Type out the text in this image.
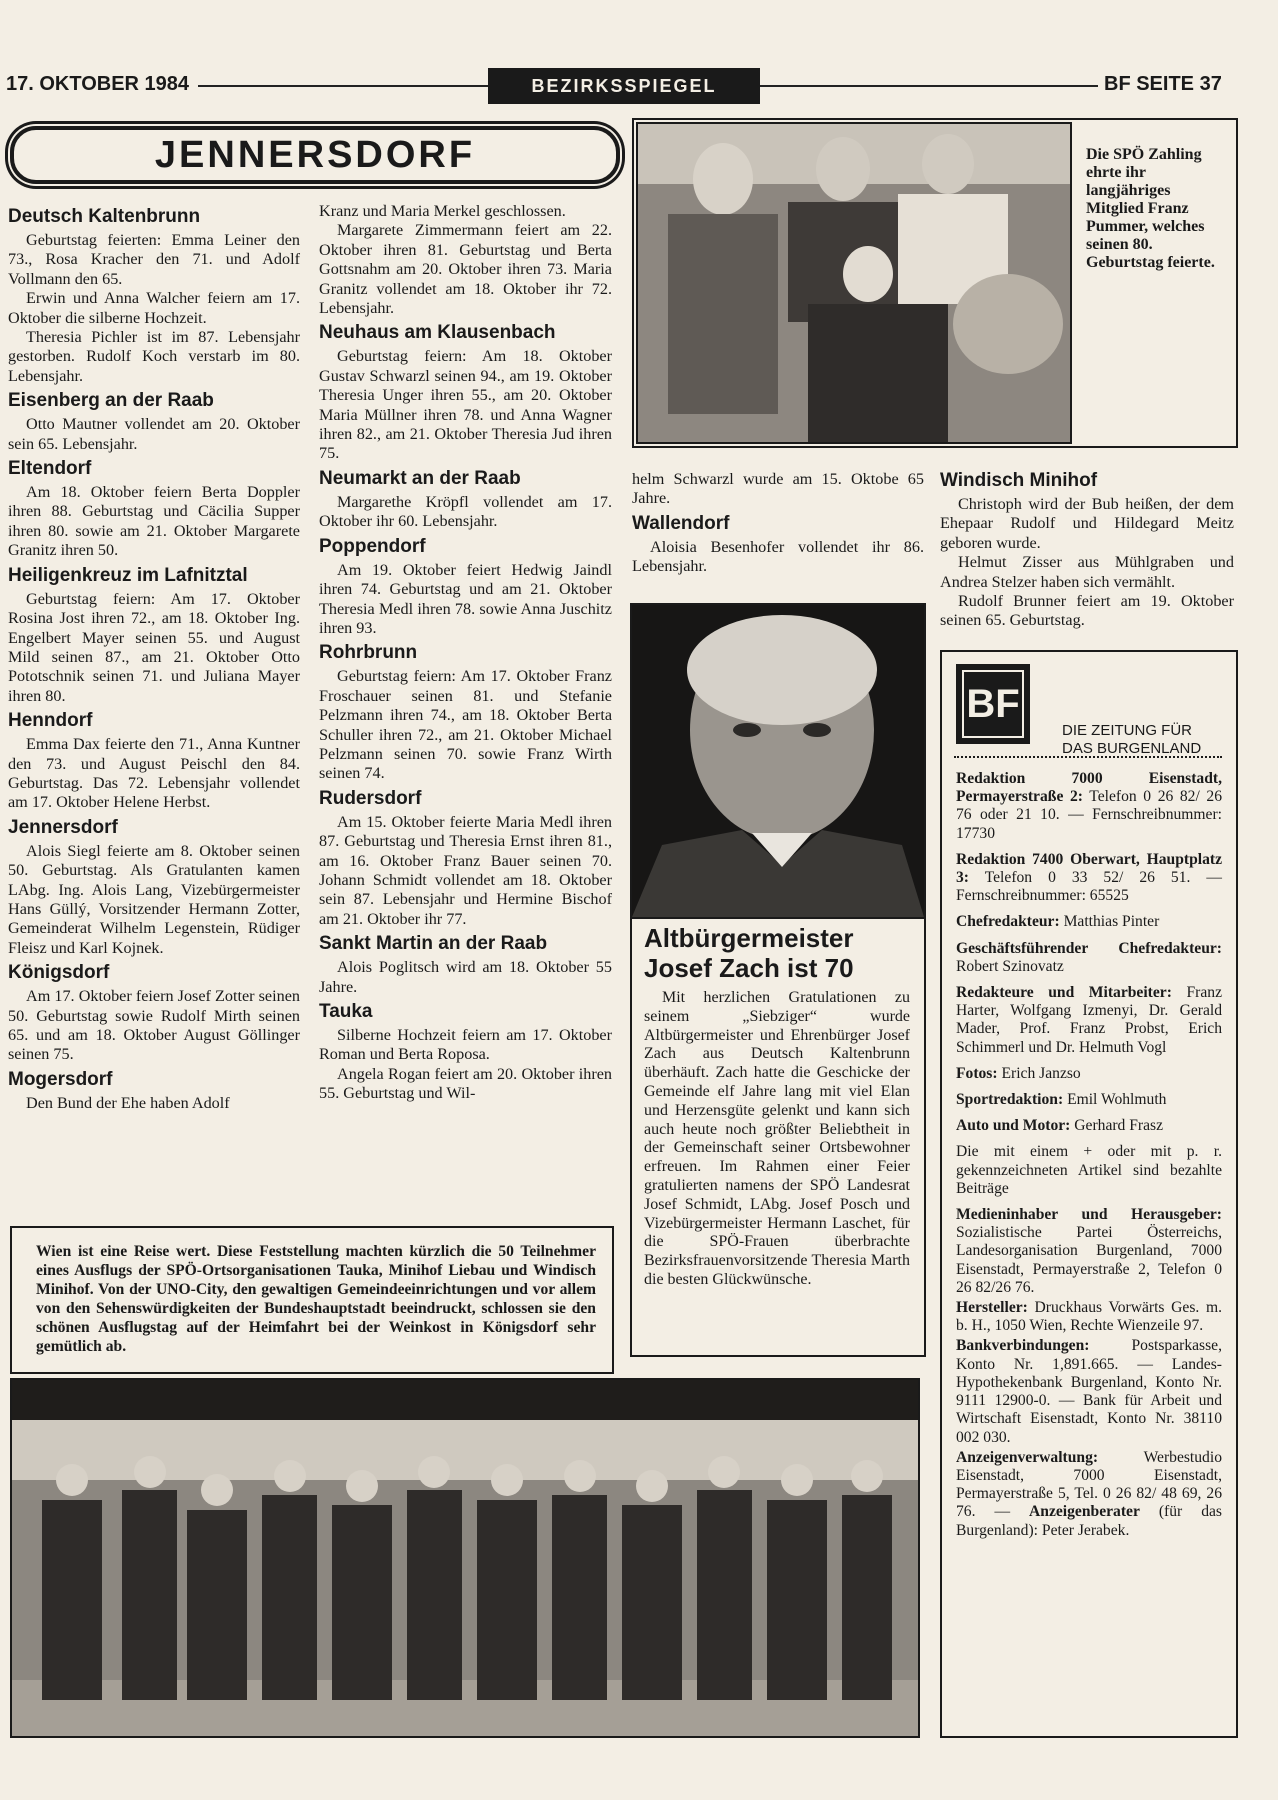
17. OKTOBER 1984	BEZIRKSSPIEGEL	BF SEITE 37
JENNERSDORF
Deutsch Kaltenbrunn

Geburtstag feierten: Emma Leiner den 73., Rosa Kracher den 71. und Adolf Vollmann den 65.

Erwin und Anna Walcher feiern am 17. Oktober die silberne Hochzeit.

Theresia Pichler ist im 87. Lebensjahr gestorben. Rudolf Koch verstarb im 80. Lebensjahr.

Eisenberg an der Raab

Otto Mautner vollendet am 20. Oktober sein 65. Lebensjahr.

Eltendorf

Am 18. Oktober feiern Berta Doppler ihren 88. Geburtstag und Cäcilia Supper ihren 80. sowie am 21. Oktober Margarete Granitz ihren 50.

Heiligenkreuz im Lafnitztal

Geburtstag feiern: Am 17. Oktober Rosina Jost ihren 72., am 18. Oktober Ing. Engelbert Mayer seinen 55. und August Mild seinen 87., am 21. Oktober Otto Pototschnik seinen 71. und Juliana Mayer ihren 80.

Henndorf

Emma Dax feierte den 71., Anna Kuntner den 73. und August Peischl den 84. Geburtstag. Das 72. Lebensjahr vollendet am 17. Oktober Helene Herbst.

Jennersdorf

Alois Siegl feierte am 8. Oktober seinen 50. Geburtstag. Als Gratulanten kamen LAbg. Ing. Alois Lang, Vizebürgermeister Hans Güllý, Vorsitzender Hermann Zotter, Gemeinderat Wilhelm Legenstein, Rüdiger Fleisz und Karl Kojnek.

Königsdorf

Am 17. Oktober feiern Josef Zotter seinen 50. Geburtstag sowie Rudolf Mirth seinen 65. und am 18. Oktober August Göllinger seinen 75.

Mogersdorf

Den Bund der Ehe haben Adolf

Kranz und Maria Merkel geschlossen.

Margarete Zimmermann feiert am 22. Oktober ihren 81. Geburtstag und Berta Gottsnahm am 20. Oktober ihren 73. Maria Granitz vollendet am 18. Oktober ihr 72. Lebensjahr.

Neuhaus am Klausenbach

Geburtstag feiern: Am 18. Oktober Gustav Schwarzl seinen 94., am 19. Oktober Theresia Unger ihren 55., am 20. Oktober Maria Müllner ihren 78. und Anna Wagner ihren 82., am 21. Oktober Theresia Jud ihren 75.

Neumarkt an der Raab

Margarethe Kröpfl vollendet am 17. Oktober ihr 60. Lebensjahr.

Poppendorf

Am 19. Oktober feiert Hedwig Jaindl ihren 74. Geburtstag und am 21. Oktober Theresia Medl ihren 78. sowie Anna Juschitz ihren 93.

Rohrbrunn

Geburtstag feiern: Am 17. Oktober Franz Froschauer seinen 81. und Stefanie Pelzmann ihren 74., am 18. Oktober Berta Schuller ihren 72., am 21. Oktober Michael Pelzmann seinen 70. sowie Franz Wirth seinen 74.

Rudersdorf

Am 15. Oktober feierte Maria Medl ihren 87. Geburtstag und Theresia Ernst ihren 81., am 16. Oktober Franz Bauer seinen 70. Johann Schmidt vollendet am 18. Oktober sein 87. Lebensjahr und Hermine Bischof am 21. Oktober ihr 77.

Sankt Martin an der Raab

Alois Poglitsch wird am 18. Oktober 55 Jahre.

Tauka

Silberne Hochzeit feiern am 17. Oktober Roman und Berta Roposa.

Angela Rogan feiert am 20. Oktober ihren 55. Geburtstag und Wil-

Die SPÖ Zahling ehrte ihr langjähriges Mitglied Franz Pummer, welches seinen 80. Geburtstag feierte.

helm Schwarzl wurde am 15. Oktobe 65 Jahre.

Wallendorf

Aloisia Besenhofer vollendet ihr 86. Lebensjahr.

Windisch Minihof

Christoph wird der Bub heißen, der dem Ehepaar Rudolf und Hildegard Meitz geboren wurde.

Helmut Zisser aus Mühlgraben und Andrea Stelzer haben sich vermählt.

Rudolf Brunner feiert am 19. Oktober seinen 65. Geburtstag.

Altbürgermeister
Josef Zach ist 70

Mit herzlichen Gratulationen zu seinem „Siebziger“ wurde Altbürgermeister und Ehrenbürger Josef Zach aus Deutsch Kaltenbrunn überhäuft. Zach hatte die Geschicke der Gemeinde elf Jahre lang mit viel Elan und Herzensgüte gelenkt und kann sich auch heute noch größter Beliebtheit in der Gemeinschaft seiner Ortsbewohner erfreuen. Im Rahmen einer Feier gratulierten namens der SPÖ Landesrat Josef Schmidt, LAbg. Josef Posch und Vizebürgermeister Hermann Laschet, für die SPÖ-Frauen überbrachte Bezirksfrauenvorsitzende Theresia Marth die besten Glückwünsche.

Wien ist eine Reise wert. Diese Feststellung machten kürzlich die 50 Teilnehmer eines Ausflugs der SPÖ-Ortsorganisationen Tauka, Minihof Liebau und Windisch Minihof. Von der UNO-City, den gewaltigen Gemeindeeinrichtungen und vor allem von den Sehenswürdigkeiten der Bundeshauptstadt beeindruckt, schlossen sie den schönen Ausflugstag auf der Heimfahrt bei der Weinkost in Königsdorf sehr gemütlich ab.
BF
DIE ZEITUNG FÜR
DAS BURGENLAND

Redaktion 7000 Eisenstadt, Permayerstraße 2: Telefon 0 26 82/ 26 76 oder 21 10. — Fernschreibnummer: 17730

Redaktion 7400 Oberwart, Hauptplatz 3: Telefon 0 33 52/ 26 51. — Fernschreibnummer: 65525

Chefredakteur: Matthias Pinter

Geschäftsführender Chefredakteur: Robert Szinovatz

Redakteure und Mitarbeiter: Franz Harter, Wolfgang Izmenyi, Dr. Gerald Mader, Prof. Franz Probst, Erich Schimmerl und Dr. Helmuth Vogl

Fotos: Erich Janzso

Sportredaktion: Emil Wohlmuth

Auto und Motor: Gerhard Frasz

Die mit einem + oder mit p. r. gekennzeichneten Artikel sind bezahlte Beiträge

Medieninhaber und Herausgeber: Sozialistische Partei Österreichs, Landesorganisation Burgenland, 7000 Eisenstadt, Permayerstraße 2, Telefon 0 26 82/26 76.

Hersteller: Druckhaus Vorwärts Ges. m. b. H., 1050 Wien, Rechte Wienzeile 97.

Bankverbindungen:	Postsparkasse, Konto Nr. 1,891.665. — Landes-Hypothekenbank Burgenland, Konto Nr. 9111 12900-0. — Bank für Arbeit und Wirtschaft Eisenstadt, Konto Nr. 38110 002 030.

Anzeigenverwaltung:	Werbestudio Eisenstadt, 7000 Eisenstadt, Permayerstraße 5, Tel. 0 26 82/ 48 69, 26 76. — Anzeigenberater (für das Burgenland): Peter Jerabek.
